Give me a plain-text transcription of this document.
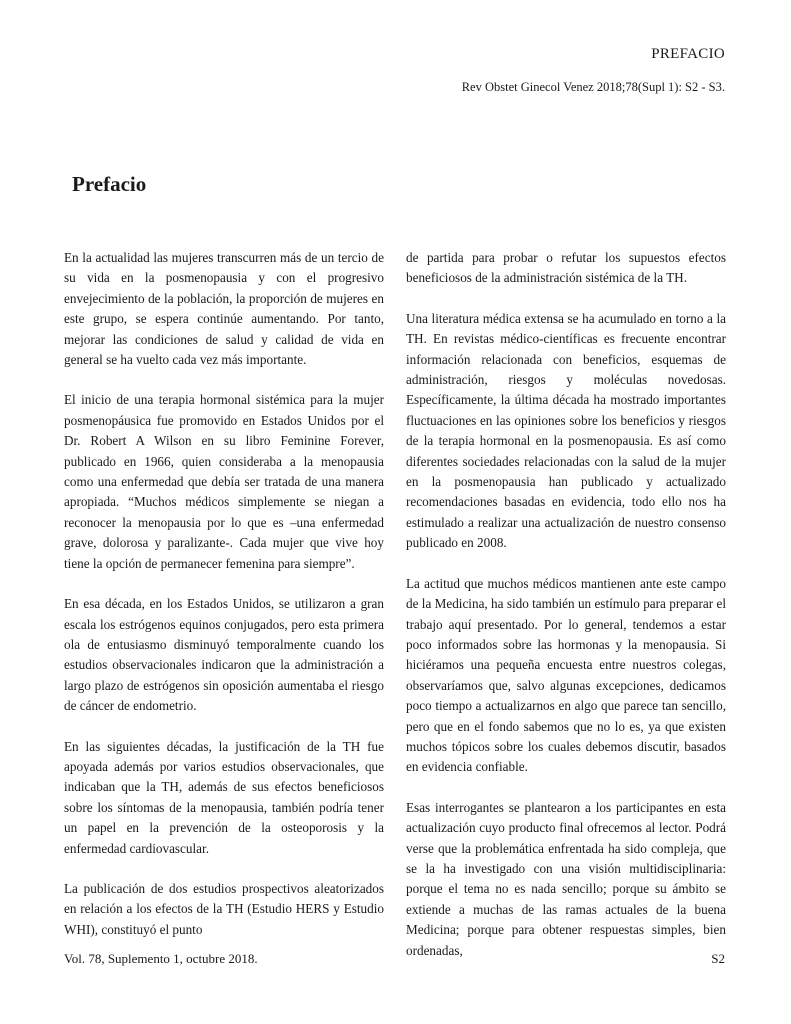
PREFACIO
Rev Obstet Ginecol Venez 2018;78(Supl 1): S2 - S3.
Prefacio

En la actualidad las mujeres transcurren más de un tercio de su vida en la posmenopausia y con el progresivo envejecimiento de la población, la proporción de mujeres en este grupo, se espera continúe aumentando. Por tanto, mejorar las condiciones de salud y calidad de vida en general se ha vuelto cada vez más importante.

El inicio de una terapia hormonal sistémica para la mujer posmenopáusica fue promovido en Estados Unidos por el Dr. Robert A Wilson en su libro Feminine Forever, publicado en 1966, quien consideraba a la menopausia como una enfermedad que debía ser tratada de una manera apropiada. “Muchos médicos simplemente se niegan a reconocer la menopausia por lo que es –una enfermedad grave, dolorosa y paralizante-. Cada mujer que vive hoy tiene la opción de permanecer femenina para siempre”.

En esa década, en los Estados Unidos, se utilizaron a gran escala los estrógenos equinos conjugados, pero esta primera ola de entusiasmo disminuyó temporalmente cuando los estudios observacionales indicaron que la administración a largo plazo de estrógenos sin oposición aumentaba el riesgo de cáncer de endometrio.

En las siguientes décadas, la justificación de la TH fue apoyada además por varios estudios observacionales, que indicaban que la TH, además de sus efectos beneficiosos sobre los síntomas de la menopausia, también podría tener un papel en la prevención de la osteoporosis y la enfermedad cardiovascular.

La publicación de dos estudios prospectivos aleatorizados en relación a los efectos de la TH (Estudio HERS y Estudio WHI), constituyó el punto

de partida para probar o refutar los supuestos efectos beneficiosos de la administración sistémica de la TH.

Una literatura médica extensa se ha acumulado en torno a la TH. En revistas médico-científicas es frecuente encontrar información relacionada con beneficios, esquemas de administración, riesgos y moléculas novedosas. Específicamente, la última década ha mostrado importantes fluctuaciones en las opiniones sobre los beneficios y riesgos de la terapia hormonal en la posmenopausia. Es así como diferentes sociedades relacionadas con la salud de la mujer en la posmenopausia han publicado y actualizado recomendaciones basadas en evidencia, todo ello nos ha estimulado a realizar una actualización de nuestro consenso publicado en 2008.

La actitud que muchos médicos mantienen ante este campo de la Medicina, ha sido también un estímulo para preparar el trabajo aquí presentado. Por lo general, tendemos a estar poco informados sobre las hormonas y la menopausia. Si hiciéramos una pequeña encuesta entre nuestros colegas, observaríamos que, salvo algunas excepciones, dedicamos poco tiempo a actualizarnos en algo que parece tan sencillo, pero que en el fondo sabemos que no lo es, ya que existen muchos tópicos sobre los cuales debemos discutir, basados en evidencia confiable.

Esas interrogantes se plantearon a los participantes en esta actualización cuyo producto final ofrecemos al lector. Podrá verse que la problemática enfrentada ha sido compleja, que se la ha investigado con una visión multidisciplinaria: porque el tema no es nada sencillo; porque su ámbito se extiende a muchas de las ramas actuales de la buena Medicina; porque para obtener respuestas simples, bien ordenadas,

Vol. 78, Suplemento 1, octubre 2018.	S2
